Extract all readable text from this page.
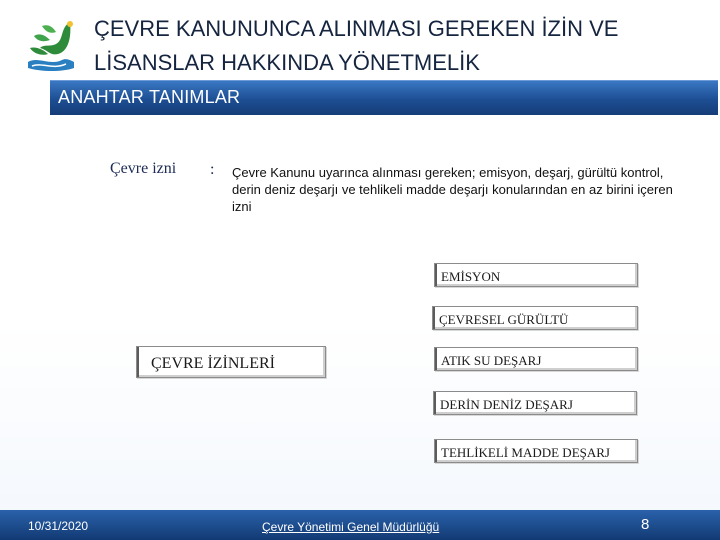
ÇEVRE KANUNUNCA ALINMASI GEREKEN İZİN VE
LİSANSLAR HAKKINDA YÖNETMELİK
ANAHTAR TANIMLAR
Çevre izni : Çevre Kanunu uyarınca alınması gereken; emisyon, deşarj, gürültü kontrol, derin deniz deşarjı ve tehlikeli madde deşarjı konularından en az birini içeren izni
ÇEVRE İZİNLERİ
EMİSYON
ÇEVRESEL GÜRÜLTÜ
ATIK SU DEŞARJ
DERİN DENİZ DEŞARJ
TEHLİKELİ MADDE DEŞARJ
10/31/2020	Çevre Yönetimi Genel Müdürlüğü	8
